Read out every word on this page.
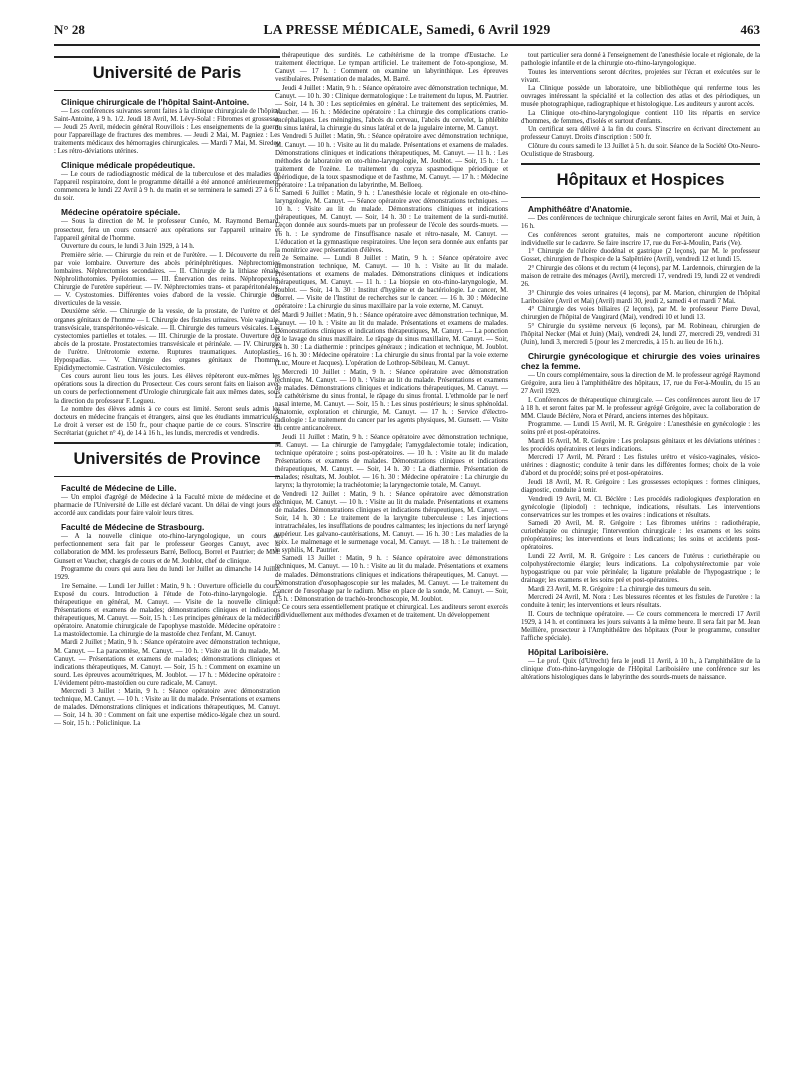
N° 28	LA PRESSE MÉDICALE, Samedi, 6 Avril 1929	463
Université de Paris
Clinique chirurgicale de l'hôpital Saint-Antoine.

— Les conférences suivantes seront faites à la clinique chirurgicale de l'hôpital Saint-Antoine, à 9 h. 1/2. Jeudi 18 Avril, M. Lévy-Solal : Fibromes et grossesse. — Jeudi 25 Avril, médecin général Rouvillois : Les enseignements de la guerre pour l'appareillage de fractures des membres. — Jeudi 2 Mai, M. Pagniez : Les traitements médicaux des hémorragies chirurgicales. — Mardi 7 Mai, M. Siredey : Les rétro-déviations utérines.

Clinique médicale propédeutique.

— Le cours de radiodiagnostic médical de la tuberculose et des maladies de l'appareil respiratoire, dont le programme détaillé a été annoncé antérieurement, commencera le lundi 22 Avril à 9 h. du matin et se terminera le samedi 27 à 6 h. du soir.

Médecine opératoire spéciale.

— Sous la direction de M. le professeur Cunéo, M. Raymond Bernard, prosecteur, fera un cours consacré aux opérations sur l'appareil urinaire et l'appareil génital de l'homme.

Ouverture du cours, le lundi 3 Juin 1929, à 14 h.

Première série. — Chirurgie du rein et de l'urètère. — I. Découverte du rein par voie lombaire. Ouverture des abcès périnéphrétiques. Néphrectomies lombaires. Néphrectomies secondaires. — II. Chirurgie de la lithiase rénale. Néphrolithotomies. Pyélotomies. — III. Énervation des reins. Néphropexies. Chirurgie de l'uretère supérieur. — IV. Néphrectomies trans- et parapéritonéales. — V. Cystostomies. Différentes voies d'abord de la vessie. Chirurgie des diverticules de la vessie.

Deuxième série. — Chirurgie de la vessie, de la prostate, de l'urètre et des organes génitaux de l'homme — I. Chirurgie des fistules urinaires. Voie vaginale, transvésicale, transpéritonéo-vésicale. — II. Chirurgie des tumeurs vésicales. Les cystectomies partielles et totales. — III. Chirurgie de la prostate. Ouverture des abcès de la prostate. Prostatectomies transvésicale et périnéale. — IV. Chirurgie de l'urètre. Urétrotomie externe. Ruptures traumatiques. Autoplasties. Hypospadias. — V. Chirurgie des organes génitaux de l'homme. Epididymectomie. Castration. Vésiculectomies.

Ces cours auront lieu tous les jours. Les élèves répèteront eux-mêmes les opérations sous la direction du Prosecteur. Ces cours seront faits en liaison avec un cours de perfectionnement d'Urologie chirurgicale fait aux mêmes dates, sous la direction du professeur F. Legueu.

Le nombre des élèves admis à ce cours est limité. Seront seuls admis les docteurs en médecine français et étrangers, ainsi que les étudiants immatriculés. Le droit à verser est de 150 fr., pour chaque partie de ce cours. S'inscrire au Secrétariat (guichet n° 4), de 14 à 16 h., les lundis, mercredis et vendredis.

Universités de Province
Faculté de Médecine de Lille.

— Un emploi d'agrégé de Médecine à la Faculté mixte de médecine et de pharmacie de l'Université de Lille est déclaré vacant. Un délai de vingt jours est accordé aux candidats pour faire valoir leurs titres.

Faculté de Médecine de Strasbourg.

— A la nouvelle clinique oto-rhino-laryngologique, un cours de perfectionnement sera fait par le professeur Georges Canuyt, avec la collaboration de MM. les professeurs Barré, Bellocq, Borrel et Pautrier; de MM. Gunsett et Vaucher, chargés de cours et de M. Joublot, chef de clinique.

Programme du cours qui aura lieu du lundi 1er Juillet au dimanche 14 Juillet 1929.

1re Semaine. — Lundi 1er Juillet : Matin, 9 h. : Ouverture officielle du cours. Exposé du cours. Introduction à l'étude de l'oto-rhino-laryngologie. La thérapeutique en général, M. Canuyt. — Visite de la nouvelle clinique. Présentations et examens de malades; démonstrations cliniques et indications thérapeutiques, M. Canuyt. — Soir, 15 h. : Les principes généraux de la médecine opératoire. Anatomie chirurgicale de l'apophyse mastoïde. Médecine opératoire : La mastoïdectomie. La chirurgie de la mastoïde chez l'enfant, M. Canuyt.

Mardi 2 Juillet ; Matin, 9 h. : Séance opératoire avec démonstration technique, M. Canuyt. — La paracentèse, M. Canuyt. — 10 h. : Visite au lit du malade, M. Canuyt. — Présentations et examens de malades; démonstrations cliniques et indications thérapeutiques, M. Canuyt. — Soir, 15 h. : Comment on examine un sourd. Les épreuves acoumétriques, M. Joublot. — 17 h. : Médecine opératoire : L'évidement pétro-mastoïdien ou cure radicale, M. Canuyt.

Mercredi 3 Juillet : Matin, 9 h. : Séance opératoire avec démonstration technique, M. Canuyt. — 10 h. : Visite au lit du malade. Présentations et examens de malades. Démonstrations cliniques et indications thérapeutiques, M. Canuyt. — Soir, 14 h. 30 : Comment on fait une expertise médico-légale chez un sourd. — Soir, 15 h. : Policlinique. La

thérapeutique des surdités. Le cathétérisme de la trompe d'Eustache. Le traitement électrique. Le tympan artificiel. Le traitement de l'oto-spongiose, M. Canuyt — 17 h. : Comment on examine un labyrinthique. Les épreuves vestibulaires. Présentation de malades, M. Barré.

Jeudi 4 Juillet : Matin, 9 h. : Séance opératoire avec démonstration technique, M. Canuyt. — 10 h. 30 : Clinique dermatologique : Le traitement du lupus, M. Pautrier. — Soir, 14 h. 30 : Les septicémies en général. Le traitement des septicémies, M. Vaucher. — 16 h. : Médecine opératoire : La chirurgie des complications cranio-encéphaliques. Les méningites, l'abcès du cerveau, l'abcès du cervelet, la phlébite du sinus latéral, la chirurgie du sinus latéral et de la jugulaire interne, M. Canuyt.

Vendredi 5 Juillet : Matin, 9h. : Séance opératoire avec démonstration technique, M. Canuyt. — 10 h. : Visite au lit du malade. Présentations et examens de malades. Démonstrations cliniques et indications thérapeutiques, M. Canuyt. — 11 h. : Les méthodes de laboratoire en oto-rhino-laryngologie, M. Joublot. — Soir, 15 h. : Le traitement de l'ozène. Le traitement du coryza spasmodique périodique et apériodique, de la toux spasmodique et de l'asthme, M. Canuyt. — 17 h. : Médecine opératoire : La trépanation du labyrinthe, M. Belloeq.

Samedi 6 Juillet : Matin, 9 h. : L'anesthésie locale et régionale en oto-rhino-laryngologie, M. Canuyt. — Séance opératoire avec démonstrations techniques. — 10 h. : Visite au lit du malade. Démonstrations cliniques et indications thérapeutiques, M. Canuyt. — Soir, 14 h. 30 : Le traitement de la surdi-mutité. Leçon donnée aux sourds-muets par un professeur de l'école des sourds-muets. — 16 h. : Le syndrome de l'insuffisance nasale et rétro-nasale, M. Canuyt. — L'éducation et la gymnastique respiratoires. Une leçon sera donnée aux enfants par la monitrice avec présentation d'élèves.

2e Semaine. — Lundi 8 Juillet : Matin, 9 h. : Séance opératoire avec démonstration technique, M. Canuyt. — 10 h. : Visite au lit du malade. Présentations et examens de malades. Démonstrations cliniques et indications thérapeutiques, M. Canuyt. — 11 h. : La biopsie en oto-rhino-laryngologie, M. Joublot. — Soir, 14 h. 30 : Institut d'hygiène et de bactériologie. Le cancer, M. Borrel. — Visite de l'Institut de recherches sur le cancer. — 16 h. 30 : Médecine opératoire : La chirurgie du sinus maxillaire par la voie externe, M. Canuyt.

Mardi 9 Juillet : Matin, 9 h. : Séance opératoire avec démonstration technique, M. Canuyt. — 10 h. : Visite au lit du malade. Présentations et examens de malades. Démonstrations cliniques et indications thérapeutiques, M. Canuyt. — La ponction et le lavage du sinus maxillaire. Le râpage du sinus maxillaire, M. Canuyt. — Soir, 14 h. 30 : La diathermie : principes généraux ; indication et technique, M. Joublot. — 16 h. 30 : Médecine opératoire : La chirurgie du sinus frontal par la voie externe (Luc, Moure et Jacques). L'opération de Lothrop-Sébileau, M. Canuyt.

Mercredi 10 Juillet : Matin, 9 h. : Séance opératoire avec démonstration technique, M. Canuyt. — 10 h. : Visite au lit du malade. Présentations et examens de malades. Démonstrations cliniques et indications thérapeutiques, M. Canuyt. — Le cathétérisme du sinus frontal, le râpage du sinus frontal. L'ethmoïde par le nerf nasal interne, M. Canuyt. — Soir, 15 h. : Les sinus postérieurs; le sinus sphénoïdal. Anatomie, exploration et chirurgie, M. Canuyt. — 17 h. : Service d'électro-radiologie : Le traitement du cancer par les agents physiques, M. Gunsett. — Visite du centre anticancéreux.

Jeudi 11 Juillet : Matin, 9 h. : Séance opératoire avec démonstration technique, M. Canuyt. — La chirurgie de l'amygdale; l'amygdalectomie totale; indication, technique opératoire ; soins post-opératoires. — 10 h. : Visite au lit du malade Présentations et examens de malades. Démonstrations cliniques et indications thérapeutiques, M. Canuyt. — Soir, 14 h. 30 : La diathermie. Présentation de malades; résultats, M. Joublot. — 16 h. 30 : Médecine opératoire : La chirurgie du larynx; la thyrotomie; la trachéotomie; la laryngectomie totale, M. Canuyt.

Vendredi 12 Juillet : Matin, 9 h. : Séance opératoire avec démonstration technique, M. Canuyt. — 10 h. : Visite au lit du malade. Présentations et examens de malades. Démonstrations cliniques et indications thérapeutiques, M. Canuyt. — Soir, 14 h. 30 : Le traitement de la laryngite tuberculeuse : Les injections intratrachéales, les insufflations de poudres calmantes; les injections du nerf laryngé supérieur. Les galvano-cautérisations, M. Canuyt. — 16 h. 30 : Les maladies de la voix. Le malmenage et le surmenage vocal, M. Canuyt. — 18 h. : Le traitement de la syphilis, M. Pautrier.

Samedi 13 Juillet : Matin, 9 h. : Séance opératoire avec démonstrations techniques, M. Canuyt. — 10 h. : Visite au lit du malade. Présentations et examens de malades. Démonstrations cliniques et indications thérapeutiques, M. Canuyt. — Démonstration d'œsophagoscopie sur les malades, M. Canuyt. — Le traitement du cancer de l'œsophage par le radium. Mise en place de la sonde, M. Canuyt. — Soir, 15 h. : Démonstration de trachéo-bronchoscopie, M. Joublot.

Ce cours sera essentiellement pratique et chirurgical. Les auditeurs seront exercés individuellement aux méthodes d'examen et de traitement. Un développement

tout particulier sera donné à l'enseignement de l'anesthésie locale et régionale, de la pathologie infantile et de la chirurgie oto-rhino-laryngologique.

Toutes les interventions seront décrites, projetées sur l'écran et exécutées sur le vivant.

La Clinique possède un laboratoire, une bibliothèque qui renferme tous les ouvrages intéressant la spécialité et la collection des atlas et des périodiques, un musée photographique, radiographique et histologique. Les auditeurs y auront accès.

La Clinique oto-rhino-laryngologique contient 110 lits répartis en service d'hommes, de femmes, d'isolés et surtout d'enfants.

Un certificat sera délivré à la fin du cours. S'inscrire en écrivant directement au professeur Canuyt. Droits d'inscription : 500 fr.

Clôture du cours samedi le 13 Juillet à 5 h. du soir. Séance de la Société Oto-Neuro-Oculistique de Strasbourg.

Hôpitaux et Hospices
Amphithéâtre d'Anatomie.

— Des conférences de technique chirurgicale seront faites en Avril, Mai et Juin, à 16 h.

Ces conférences seront gratuites, mais ne comporteront aucune répétition individuelle sur le cadavre. Se faire inscrire 17, rue du Fer-à-Moulin, Paris (Ve).

1° Chirurgie de l'ulcère duodénal et gastrique (2 leçons), par M. le professeur Gosset, chirurgien de l'hospice de la Salpêtrière (Avril), vendredi 12 et lundi 15.

2° Chirurgie des côlons et du rectum (4 leçons), par M. Lardennois, chirurgien de la maison de retraite des ménages (Avril), mercredi 17, vendredi 19, lundi 22 et vendredi 26.

3° Chirurgie des voies urinaires (4 leçons), par M. Marion, chirurgien de l'hôpital Lariboisière (Avril et Mai) (Avril) mardi 30, jeudi 2, samedi 4 et mardi 7 Mai.

4° Chirurgie des voies biliaires (2 leçons), par M. le professeur Pierre Duval, chirurgien de l'hôpital de Vaugirard (Mai), vendredi 10 et lundi 13.

5° Chirurgie du système nerveux (6 leçons), par M. Robineau, chirurgien de l'hôpital Necker (Mai et Juin) (Mai), vendredi 24, lundi 27, mercredi 29, vendredi 31 (Juin), lundi 3, mercredi 5 (pour les 2 mercredis, à 15 h. au lieu de 16 h.).

Chirurgie gynécologique et chirurgie des voies urinaires chez la femme.

— Un cours complémentaire, sous la direction de M. le professeur agrégé Raymond Grégoire, aura lieu à l'amphithéâtre des hôpitaux, 17, rue du Fer-à-Moulin, du 15 au 27 Avril 1929.

I. Conférences de thérapeutique chirurgicale. — Ces conférences auront lieu de 17 à 18 h. et seront faites par M. le professeur agrégé Grégoire, avec la collaboration de MM. Claude Béclère, Nora et Pérard, anciens internes des hôpitaux.

Programme. — Lundi 15 Avril, M. R. Grégoire : L'anesthésie en gynécologie : les soins pré et post-opératoires.

Mardi 16 Avril, M. R. Grégoire : Les prolapsus génitaux et les déviations utérines : les procédés opératoires et leurs indications.

Mercredi 17 Avril, M. Pérard : Les fistules urétro et vésico-vaginales, vésico-utérines : diagnostic; conduite à tenir dans les différentes formes; choix de la voie d'abord et du procédé; soins pré et post-opératoires.

Jeudi 18 Avril, M. R. Grégoire : Les grossesses ectopiques : formes cliniques, diagnostic, conduite à tenir.

Vendredi 19 Avril, M. Cl. Béclère : Les procédés radiologiques d'exploration en gynécologie (lipiodol) : technique, indications, résultats. Les interventions conservatrices sur les trompes et les ovaires : indications et résultats.

Samedi 20 Avril, M. R. Grégoire : Les fibromes utérins : radiothérapie, curiethérapie ou chirurgie; l'intervention chirurgicale : les examens et les soins préopératoires; les interventions et leurs indications; les soins et accidents post-opératoires.

Lundi 22 Avril, M. R. Grégoire : Les cancers de l'utérus : curiethérapie ou colpohystérectomie élargie; leurs indications. La colpohystérectomie par voie hypogastrique ou par voie périnéale; la ligature préalable de l'hypogastrique ; le drainage; les examens et les soins pré et post-opératoires.

Mardi 23 Avril, M. R. Grégoire : La chirurgie des tumeurs du sein.

Mercredi 24 Avril, M. Nora : Les blessures récentes et les fistules de l'uretère : la conduite à tenir; les interventions et leurs résultats.

II. Cours de technique opératoire. — Ce cours commencera le mercredi 17 Avril 1929, à 14 h. et continuera les jours suivants à la même heure. Il sera fait par M. Jean Meillière, prosecteur à l'Amphithéâtre des hôpitaux (Pour le programme, consulter l'affiche spéciale).

Hôpital Lariboisière.

— Le prof. Quix (d'Utrecht) fera le jeudi 11 Avril, à 10 h., à l'amphithéâtre de la clinique d'oto-rhino-laryngologie de l'Hôpital Lariboisière une conférence sur les altérations histologiques dans le labyrinthe des sourds-muets de naissance.
